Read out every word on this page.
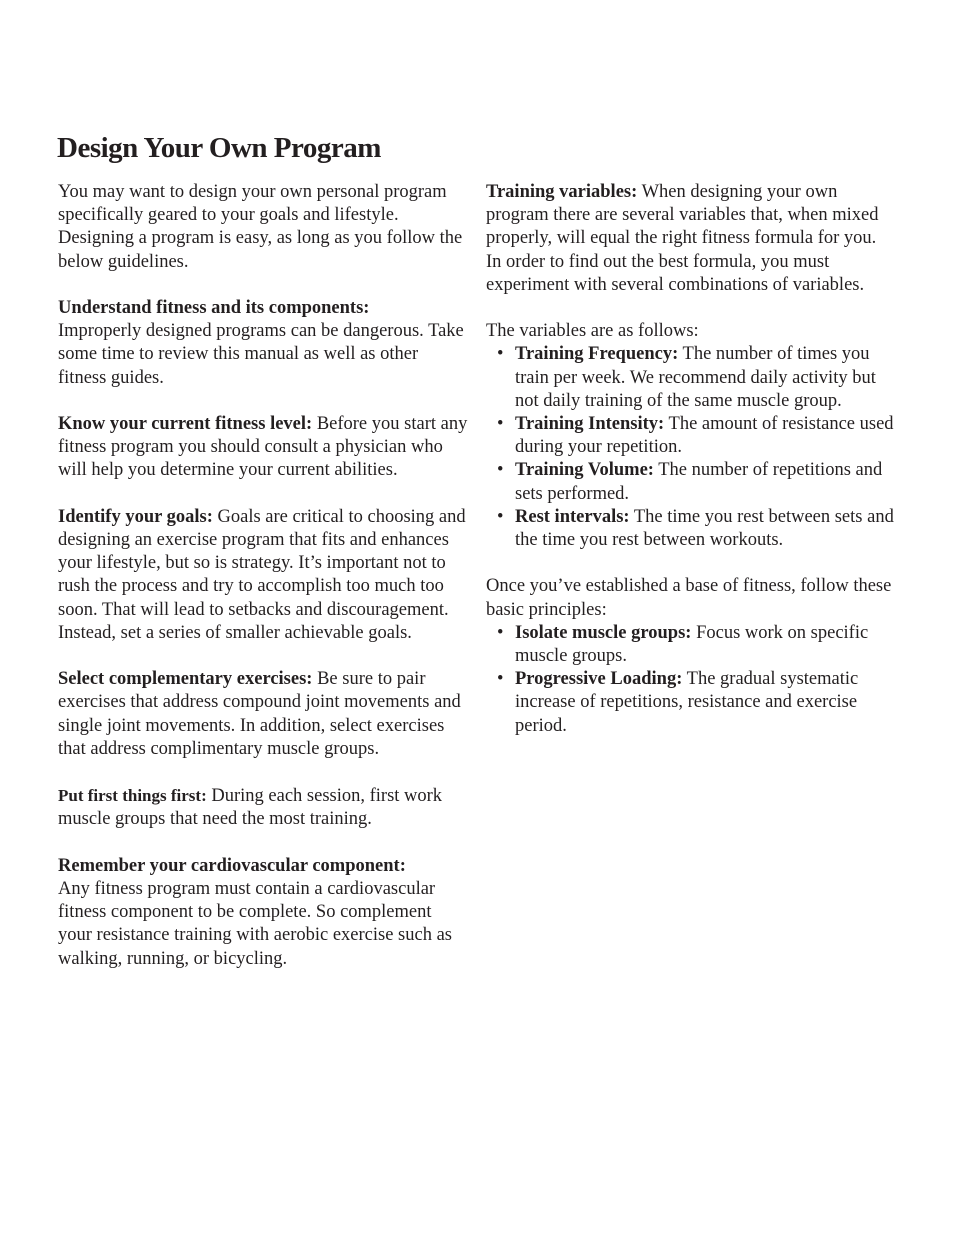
Design Your Own Program

You may want to design your own personal program specifically geared to your goals and lifestyle. Designing a program is easy, as long as you follow the below guidelines.

Understand fitness and its components:
Improperly designed programs can be dangerous. Take some time to review this manual as well as other fitness guides.

Know your current fitness level: Before you start any fitness program you should consult a physician who will help you determine your current abilities.

Identify your goals: Goals are critical to choosing and designing an exercise program that fits and enhances your lifestyle, but so is strategy. It’s important not to rush the process and try to accomplish too much too soon. That will lead to setbacks and discouragement. Instead, set a series of smaller achievable goals.

Select complementary exercises: Be sure to pair exercises that address compound joint movements and single joint movements. In addition, select exercises that address complimentary muscle groups.

Put first things first: During each session, first work muscle groups that need the most training.

Remember your cardiovascular component:
Any fitness program must contain a cardiovascular fitness component to be complete. So complement your resistance training with aerobic exercise such as walking, running, or bicycling.

Training variables: When designing your own program there are several variables that, when mixed properly, will equal the right fitness formula for you. In order to find out the best formula, you must experiment with several combinations of variables.

The variables are as follows:

• Training Frequency: The number of times you train per week. We recommend daily activity but not daily training of the same muscle group.
• Training Intensity: The amount of resistance used during your repetition.
• Training Volume: The number of repetitions and sets performed.
• Rest intervals: The time you rest between sets and the time you rest between workouts.

Once you’ve established a base of fitness, follow these basic principles:

• Isolate muscle groups: Focus work on specific muscle groups.
• Progressive Loading: The gradual systematic increase of repetitions, resistance and exercise period.
